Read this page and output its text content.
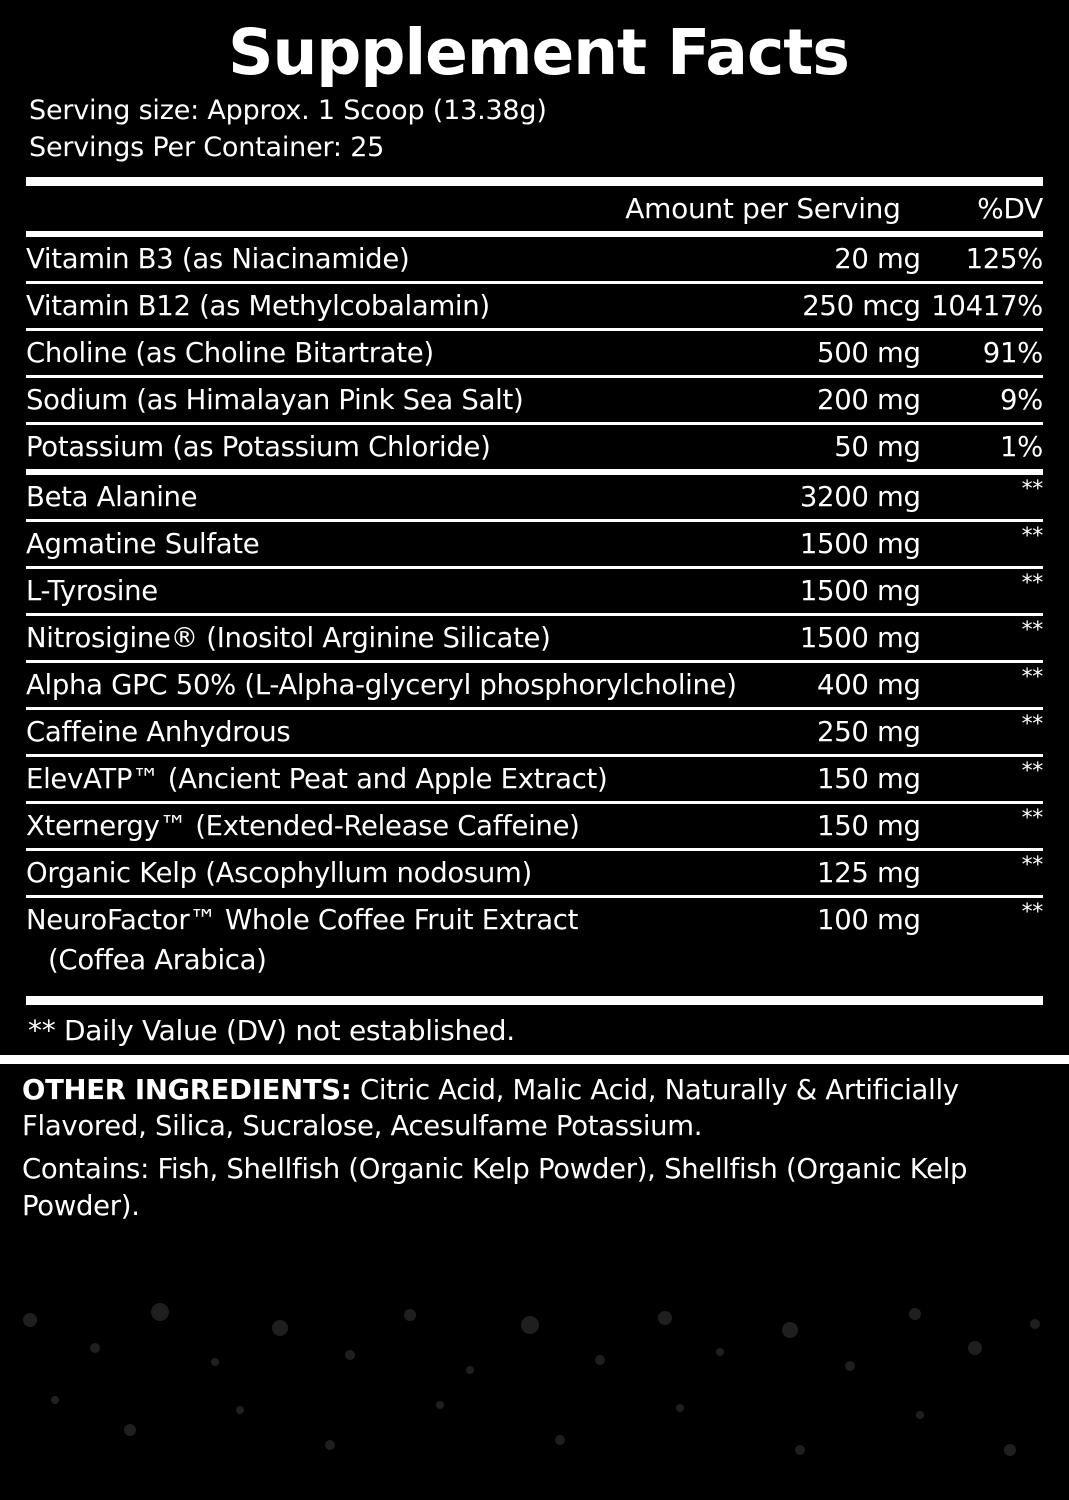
Supplement Facts
Serving size: Approx. 1 Scoop (13.38g)
Servings Per Container: 25
	Amount per Serving	%DV
Vitamin B3 (as Niacinamide)	20 mg	125%
Vitamin B12 (as Methylcobalamin)	250 mcg	10417%
Choline (as Choline Bitartrate)	500 mg	91%
Sodium (as Himalayan Pink Sea Salt)	200 mg	9%
Potassium (as Potassium Chloride)	50 mg	1%
Beta Alanine	3200 mg	**
Agmatine Sulfate	1500 mg	**
L-Tyrosine	1500 mg	**
Nitrosigine® (Inositol Arginine Silicate)	1500 mg	**
Alpha GPC 50% (L-Alpha-glyceryl phosphorylcholine)	400 mg	**
Caffeine Anhydrous	250 mg	**
ElevATP™ (Ancient Peat and Apple Extract)	150 mg	**
Xternergy™ (Extended-Release Caffeine)	150 mg	**
Organic Kelp (Ascophyllum nodosum)	125 mg	**
NeuroFactor™ Whole Coffee Fruit Extract	100 mg	**
(Coffea Arabica)
** Daily Value (DV) not established.
OTHER INGREDIENTS: Citric Acid, Malic Acid, Naturally & Artificially Flavored, Silica, Sucralose, Acesulfame Potassium.
Contains: Fish, Shellfish (Organic Kelp Powder), Shellfish (Organic Kelp Powder).
